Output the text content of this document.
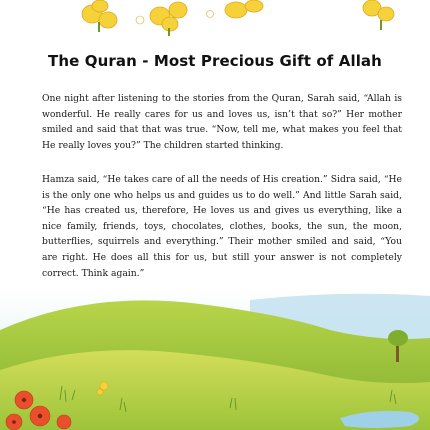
The Quran - Most Precious Gift of Allah

One night after listening to the stories from the Quran, Sarah said, “Allah is wonderful. He really cares for us and loves us, isn’t that so?” Her mother smiled and said that that was true. “Now, tell me, what makes you feel that He really loves you?” The children started thinking.

Hamza said, “He takes care of all the needs of His creation.” Sidra said, “He is the only one who helps us and guides us to do well.” And little Sarah said, “He has created us, therefore, He loves us and gives us everything, like a nice family, friends, toys, chocolates, clothes, books, the sun, the moon, butterflies, squirrels and everything.” Their mother smiled and said, “You are right. He does all this for us, but still your answer is not completely correct. Think again.”
